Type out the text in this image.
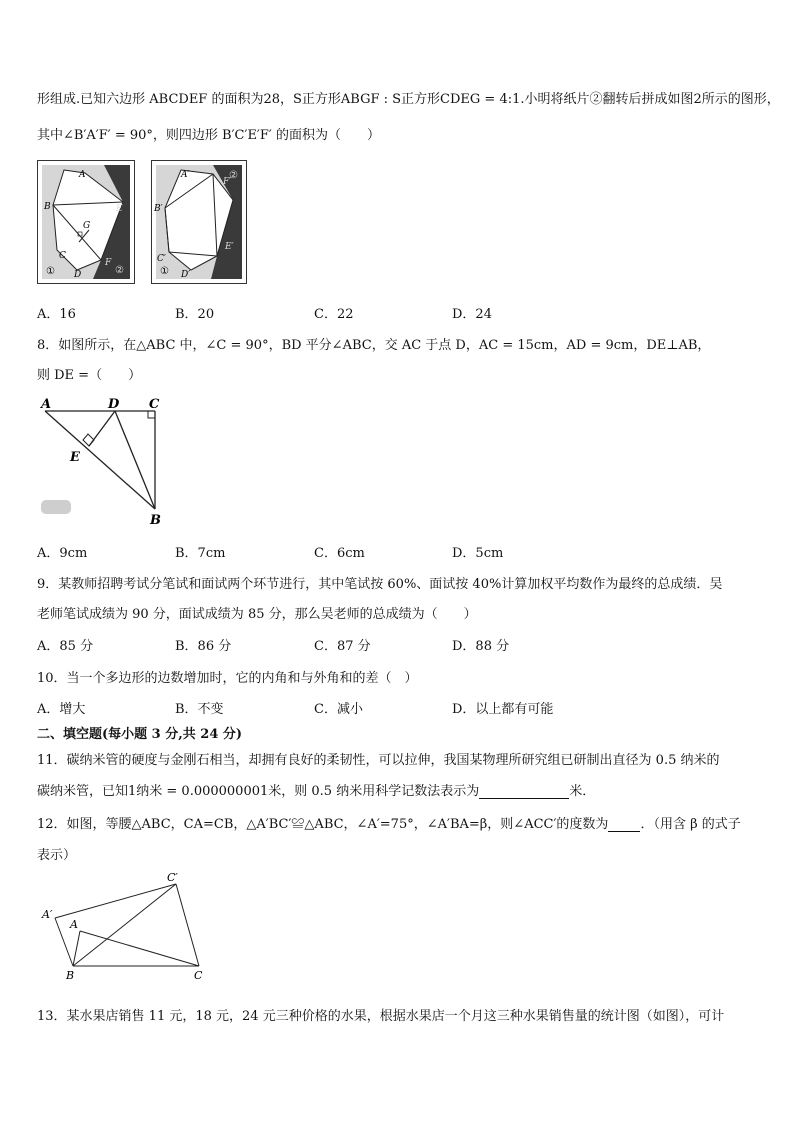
形组成.已知六边形 ABCDEF 的面积为28，S正方形ABGF : S正方形CDEG = 4:1.小明将纸片②翻转后拼成如图2所示的图形，
其中∠B′A′F′ = 90°，则四边形 B′C′E′F′ 的面积为（　　）
A
B
G
C
D
E
F
①	②
A′
B′
C′
D′
E′
F′
①
②
A．16	B．20	C．22	D．24
8．如图所示，在△ABC 中，∠C = 90°，BD 平分∠ABC，交 AC 于点 D，AC = 15cm，AD = 9cm，DE⊥AB，
则 DE =（　　）
A	D C
E
B
A．9cm	B．7cm	C．6cm	D．5cm
9．某教师招聘考试分笔试和面试两个环节进行，其中笔试按 60%、面试按 40%计算加权平均数作为最终的总成绩．吴
老师笔试成绩为 90 分，面试成绩为 85 分，那么吴老师的总成绩为（　　）
A．85 分	B．86 分	C．87 分	D．88 分
10．当一个多边形的边数增加时，它的内角和与外角和的差（　）
A．增大	B．不变	C．减小	D．以上都有可能
二、填空题(每小题 3 分,共 24 分)
11．碳纳米管的硬度与金刚石相当，却拥有良好的柔韧性，可以拉伸，我国某物理所研究组已研制出直径为 0.5 纳米的
碳纳米管，已知1纳米 = 0.000000001米，则 0.5 纳米用科学记数法表示为	米．
12．如图，等腰△ABC，CA=CB，△A′BC′≌△ABC，∠A′=75°，∠A′BA=β，则∠ACC′的度数为 ．（用含 β 的式子
表示）
C′
A′
A
B	C
13．某水果店销售 11 元，18 元，24 元三种价格的水果，根据水果店一个月这三种水果销售量的统计图（如图），可计
